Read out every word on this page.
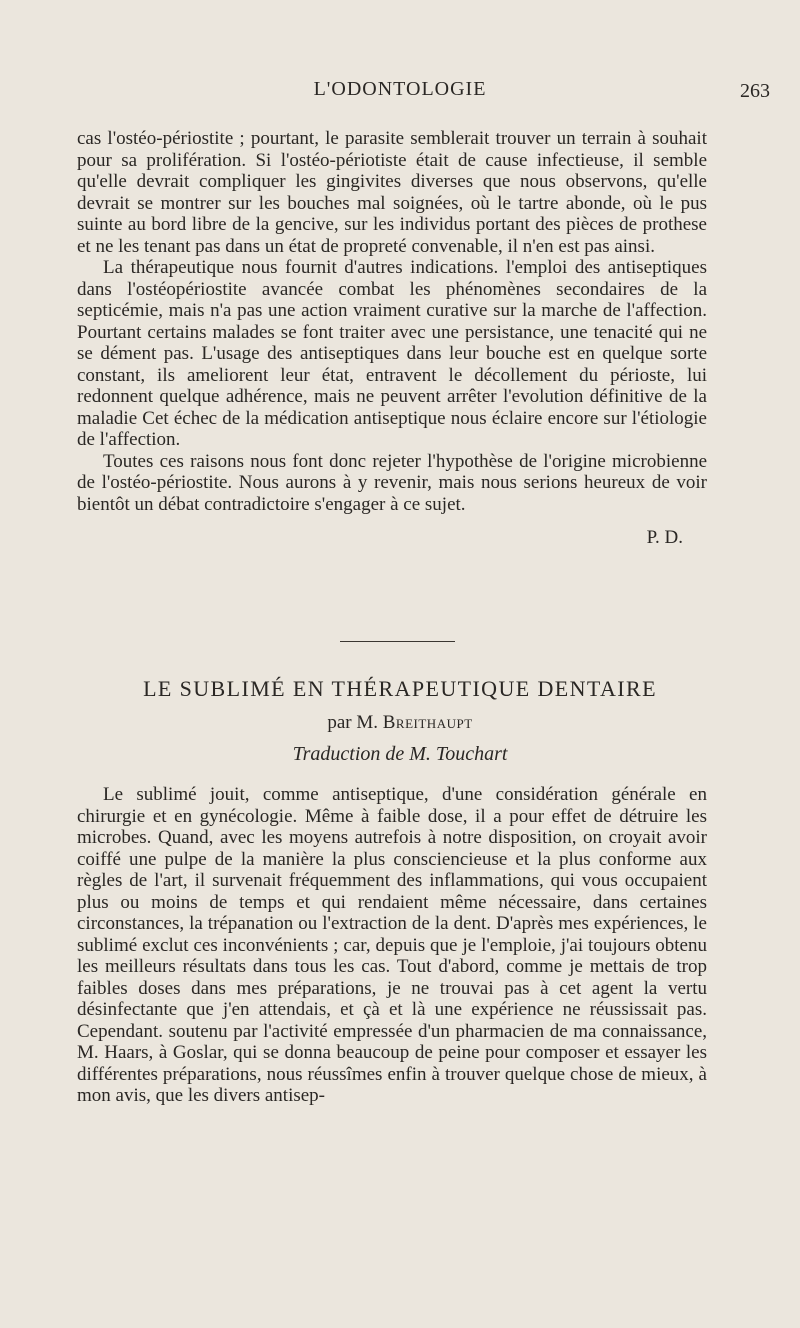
L'ODONTOLOGIE	263

cas l'ostéo-périostite ; pourtant, le parasite semblerait trouver un terrain à souhait pour sa prolifération. Si l'ostéo-périotiste était de cause infectieuse, il semble qu'elle devrait compliquer les gingivites diverses que nous observons, qu'elle devrait se montrer sur les bouches mal soignées, où le tartre abonde, où le pus suinte au bord libre de la gencive, sur les individus portant des pièces de prothese et ne les tenant pas dans un état de propreté convenable, il n'en est pas ainsi.

La thérapeutique nous fournit d'autres indications. l'emploi des antiseptiques dans l'ostéopériostite avancée combat les phénomènes secondaires de la septicémie, mais n'a pas une action vraiment curative sur la marche de l'affection. Pourtant certains malades se font traiter avec une persistance, une tenacité qui ne se dément pas. L'usage des antiseptiques dans leur bouche est en quelque sorte constant, ils ameliorent leur état, entravent le décollement du périoste, lui redonnent quelque adhérence, mais ne peuvent arrêter l'evolution définitive de la maladie Cet échec de la médication antiseptique nous éclaire encore sur l'étiologie de l'affection.

Toutes ces raisons nous font donc rejeter l'hypothèse de l'origine microbienne de l'ostéo-périostite. Nous aurons à y revenir, mais nous serions heureux de voir bientôt un débat contradictoire s'engager à ce sujet.

P. D.
LE SUBLIMÉ EN THÉRAPEUTIQUE DENTAIRE
par M. Breithaupt
Traduction de M. Touchart

Le sublimé jouit, comme antiseptique, d'une considération générale en chirurgie et en gynécologie. Même à faible dose, il a pour effet de détruire les microbes. Quand, avec les moyens autrefois à notre disposition, on croyait avoir coiffé une pulpe de la manière la plus consciencieuse et la plus conforme aux règles de l'art, il survenait fréquemment des inflammations, qui vous occupaient plus ou moins de temps et qui rendaient même nécessaire, dans certaines circonstances, la trépanation ou l'extraction de la dent. D'après mes expériences, le sublimé exclut ces inconvénients ; car, depuis que je l'emploie, j'ai toujours obtenu les meilleurs résultats dans tous les cas. Tout d'abord, comme je mettais de trop faibles doses dans mes préparations, je ne trouvai pas à cet agent la vertu désinfectante que j'en attendais, et çà et là une expérience ne réussissait pas. Cependant. soutenu par l'activité empressée d'un pharmacien de ma connaissance, M. Haars, à Goslar, qui se donna beaucoup de peine pour composer et essayer les différentes préparations, nous réussîmes enfin à trouver quelque chose de mieux, à mon avis, que les divers antisep-
